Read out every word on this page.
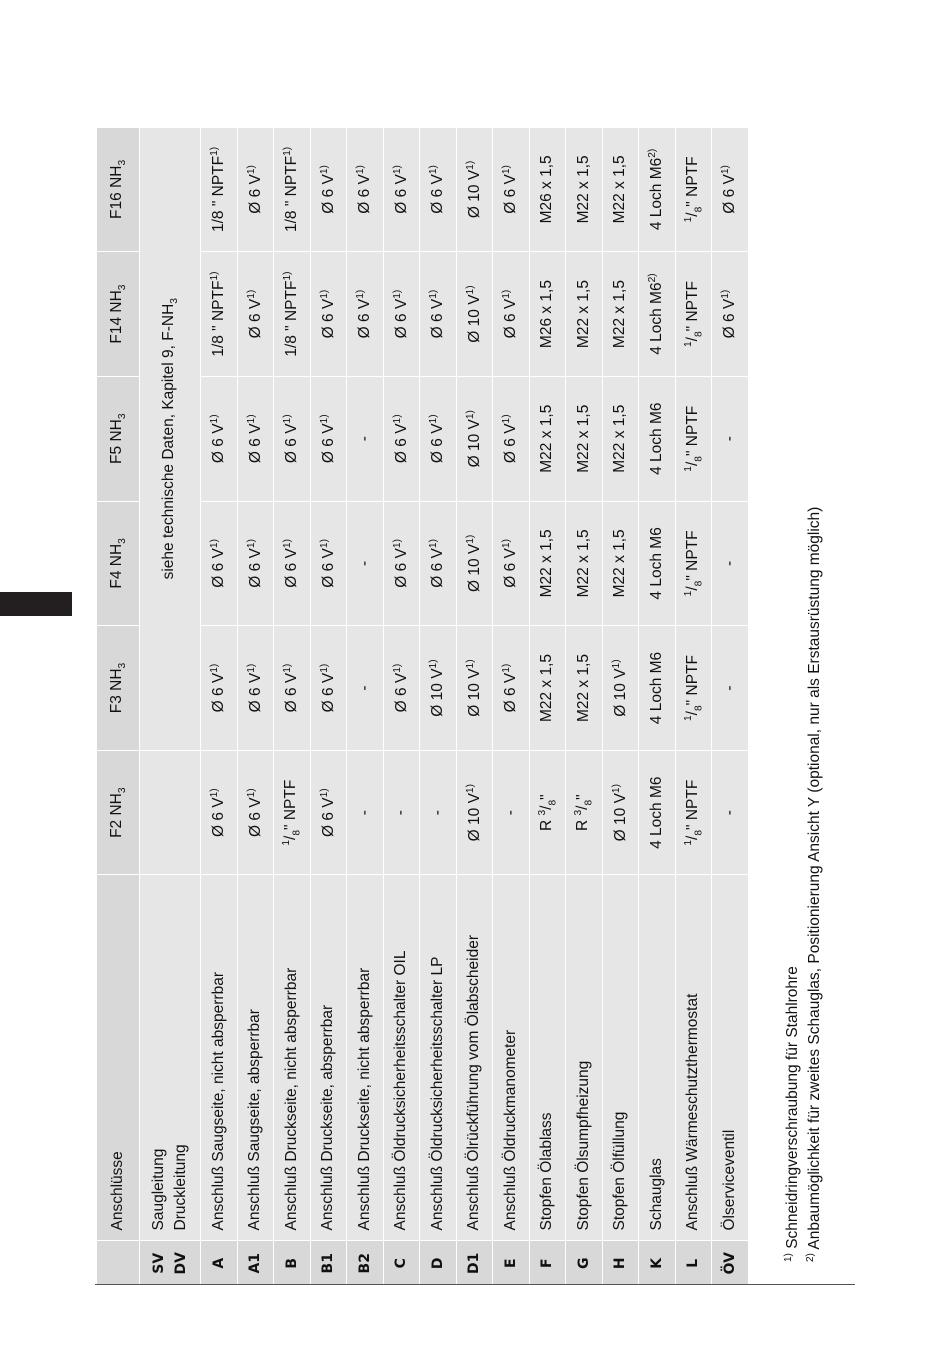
	Anschlüsse	F2 $NH_3$	F3 $NH_3$	F4 $NH_3$	F5 $NH_3$	F14 $NH_3$	F16 $NH_3$

SV DV	Saugleitung Druckleitung		siehe technische Daten, Kapitel 9, $F-NH_3$
A	Anschluß Saugseite, nicht absperrbar	Ø 6 $V^{1)}$	Ø 6 $V^{1)}$	Ø 6 $V^{1)}$	Ø 6 $V^{1)}$	1/8 " NPTF$^{1)}$	1/8 " NPTF$^{1)}$
A1	Anschluß Saugseite, absperrbar	Ø 6 $V^{1)}$	Ø 6 $V^{1)}$	Ø 6 $V^{1)}$	Ø 6 $V^{1)}$	Ø 6 $V^{1)}$	Ø 6 $V^{1)}$
B	Anschluß Druckseite, nicht absperrbar	$^1/_8$" NPTF	Ø 6 $V^{1)}$	Ø 6 $V^{1)}$	Ø 6 $V^{1)}$	1/8 " NPTF$^{1)}$	1/8 " NPTF$^{1)}$
B1	Anschluß Druckseite, absperrbar	Ø 6 $V^{1)}$	Ø 6 $V^{1)}$	Ø 6 $V^{1)}$	Ø 6 $V^{1)}$	Ø 6 $V^{1)}$	Ø 6 $V^{1)}$
B2	Anschluß Druckseite, nicht absperrbar	-	-	-	-	Ø 6 $V^{1)}$	Ø 6 $V^{1)}$
C	Anschluß Öldrucksicherheitsschalter OIL	-	Ø 6 $V^{1)}$	Ø 6 $V^{1)}$	Ø 6 $V^{1)}$	Ø 6 $V^{1)}$	Ø 6 $V^{1)}$
D	Anschluß Öldrucksicherheitsschalter LP	-	Ø 10 $V^{1)}$	Ø 6 $V^{1)}$	Ø 6 $V^{1)}$	Ø 6 $V^{1)}$	Ø 6 $V^{1)}$
D1	Anschluß Ölrückführung vom Ölabscheider	Ø 10 $V^{1)}$	Ø 10 $V^{1)}$	Ø 10 $V^{1)}$	Ø 10 $V^{1)}$	Ø 10 $V^{1)}$	Ø 10 $V^{1)}$
E	Anschluß Öldruckmanometer	-	Ø 6 $V^{1)}$	Ø 6 $V^{1)}$	Ø 6 $V^{1)}$	Ø 6 $V^{1)}$	Ø 6 $V^{1)}$
F	Stopfen Ölablass	R $^3/_8$"	M22 x 1,5	M22 x 1,5	M22 x 1,5	M26 x 1,5	M26 x 1,5
G	Stopfen Ölsumpfheizung	R $^3/_8$"	M22 x 1,5	M22 x 1,5	M22 x 1,5	M22 x 1,5	M22 x 1,5
H	Stopfen Ölfüllung	Ø 10 $V^{1)}$	Ø 10 $V^{1)}$	M22 x 1,5	M22 x 1,5	M22 x 1,5	M22 x 1,5
K	Schauglas	4 Loch M6	4 Loch M6	4 Loch M6	4 Loch M6	4 Loch M6$^{2)}$	4 Loch M6$^{2)}$
L	Anschluß Wärmeschutzthermostat	$^1/_8$" NPTF	$^1/_8$" NPTF	$^1/_8$" NPTF	$^1/_8$" NPTF	$^1/_8$" NPTF	$^1/_8$" NPTF
ÖV	Ölserviceventil	-	-	-	-	Ø 6 $V^{1)}$	Ø 6 $V^{1)}$
$^{1)}$ Schneidringverschraubung für Stahlrohre
$^{2)}$ Anbaumöglichkeit für zweites Schauglas, Positionierung Ansicht Y (optional, nur als Erstausrüstung möglich)
